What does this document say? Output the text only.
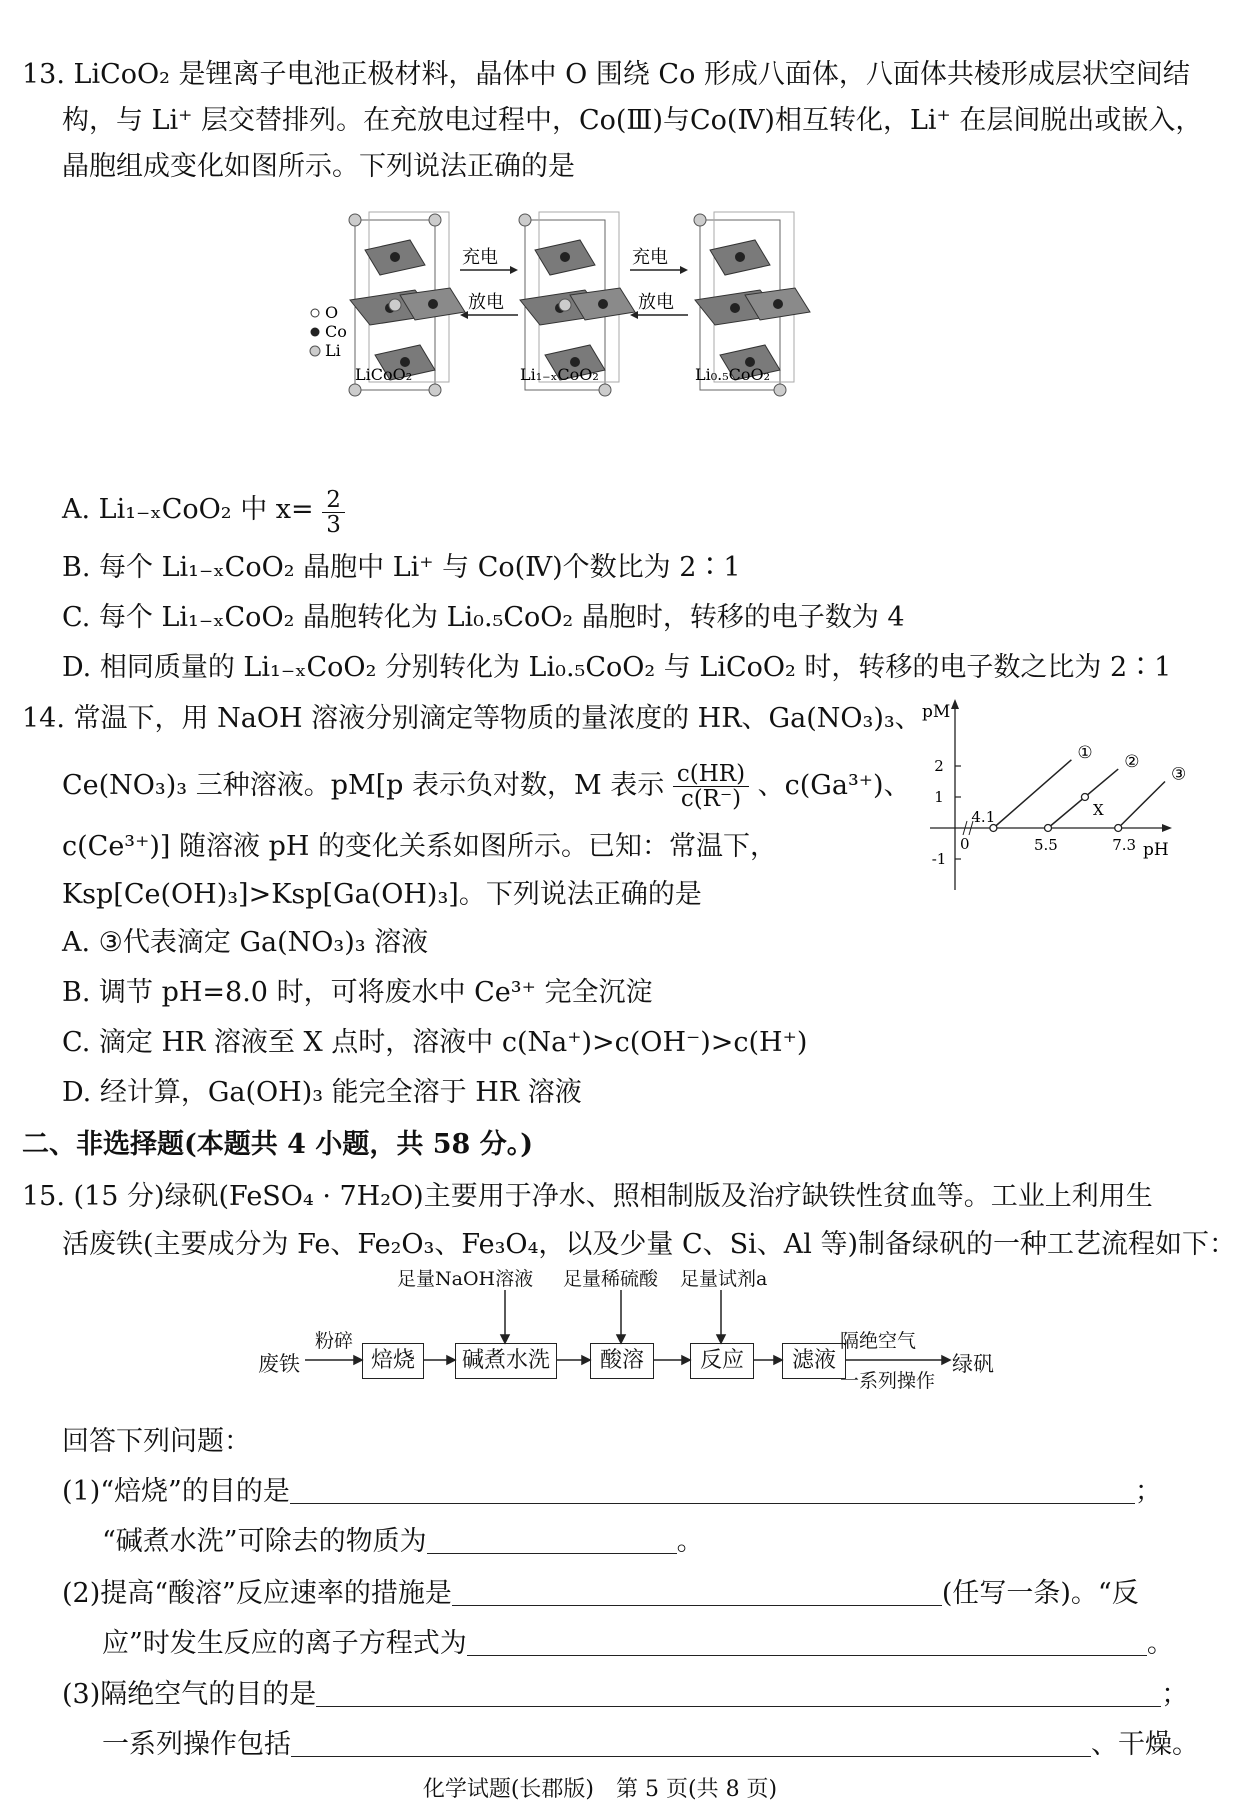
13. LiCoO₂ 是锂离子电池正极材料，晶体中 O 围绕 Co 形成八面体，八面体共棱形成层状空间结
构，与 Li⁺ 层交替排列。在充放电过程中，Co(Ⅲ)与Co(Ⅳ)相互转化，Li⁺ 在层间脱出或嵌入，
晶胞组成变化如图所示。下列说法正确的是
充电
放电
充电
放电
O
Co
Li
LiCoO₂	Li₁₋ₓCoO₂	Li₀.₅CoO₂
A. Li₁₋ₓCoO₂ 中 $x= \frac{2}{3}$
B. 每个 Li₁₋ₓCoO₂ 晶胞中 Li⁺ 与 Co(Ⅳ)个数比为 2∶1
C. 每个 Li₁₋ₓCoO₂ 晶胞转化为 Li₀.₅CoO₂ 晶胞时，转移的电子数为 4
D. 相同质量的 Li₁₋ₓCoO₂ 分别转化为 Li₀.₅CoO₂ 与 LiCoO₂ 时，转移的电子数之比为 2∶1
14. 常温下，用 NaOH 溶液分别滴定等物质的量浓度的 HR、Ga(NO₃)₃、
Ce(NO₃)₃ 三种溶液。pM[p 表示负对数，M 表示 $\frac{c(HR)}{c(R^-)}$ 、c(Ga³⁺)、
c(Ce³⁺)] 随溶液 pH 的变化关系如图所示。已知：常温下，
Ksp[Ce(OH)₃]>Ksp[Ga(OH)₃]。下列说法正确的是
A. ③代表滴定 Ga(NO₃)₃ 溶液
B. 调节 pH=8.0 时，可将废水中 Ce³⁺ 完全沉淀
C. 滴定 HR 溶液至 X 点时，溶液中 c(Na⁺)>c(OH⁻)>c(H⁺)
D. 经计算，Ga(OH)₃ 能完全溶于 HR 溶液
pM
pH
0
2
1
-1
① ②
③
4.1
5.5	7.3
X
二、非选择题(本题共 4 小题，共 58 分。)
15. (15 分)绿矾(FeSO₄ · 7H₂O)主要用于净水、照相制版及治疗缺铁性贫血等。工业上利用生
活废铁(主要成分为 Fe、Fe₂O₃、Fe₃O₄，以及少量 C、Si、Al 等)制备绿矾的一种工艺流程如下：
足量NaOH溶液 足量稀硫酸 足量试剂a
废铁
粉碎
焙烧	碱煮水洗	酸溶	反应	滤液
隔绝空气
一系列操作
绿矾
回答下列问题：
(1)“焙烧”的目的是	；
“碱煮水洗”可除去的物质为	。
(2)提高“酸溶”反应速率的措施是	(任写一条)。“反
应”时发生反应的离子方程式为	。
(3)隔绝空气的目的是	；
一系列操作包括	、干燥。
化学试题(长郡版)　第 5 页(共 8 页)
